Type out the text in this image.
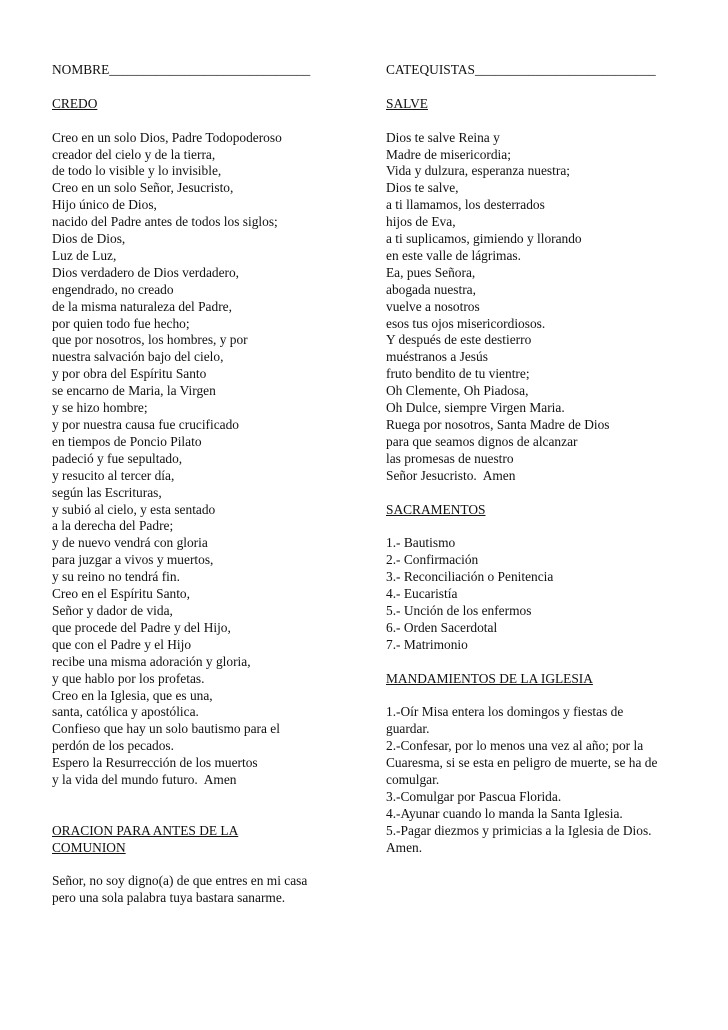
NOMBRE______________________________
CREDO
Creo en un solo Dios, Padre Todopoderoso
creador del cielo y de la tierra,
de todo lo visible y lo invisible,
Creo en un solo Señor, Jesucristo,
Hijo único de Dios,
nacido del Padre antes de todos los siglos;
Dios de Dios,
Luz de Luz,
Dios verdadero de Dios verdadero,
engendrado, no creado
de la misma naturaleza del Padre,
por quien todo fue hecho;
que por nosotros, los hombres, y por
nuestra salvación bajo del cielo,
y por obra del Espíritu Santo
se encarno de Maria, la Virgen
y se hizo hombre;
y por nuestra causa fue crucificado
en tiempos de Poncio Pilato
padeció y fue sepultado,
y resucito al tercer día,
según las Escrituras,
y subió al cielo, y esta sentado
a la derecha del Padre;
y de nuevo vendrá con gloria
para juzgar a vivos y muertos,
y su reino no tendrá fin.
Creo en el Espíritu Santo,
Señor y dador de vida,
que procede del Padre y del Hijo,
que con el Padre y el Hijo
recibe una misma adoración y gloria,
y que hablo por los profetas.
Creo en la Iglesia, que es una,
santa, católica y apostólica.
Confieso que hay un solo bautismo para el
perdón de los pecados.
Espero la Resurrección de los muertos
y la vida del mundo futuro.  Amen
ORACION PARA ANTES DE LA
COMUNION
Señor, no soy digno(a) de que entres en mi casa
pero una sola palabra tuya bastara sanarme.
CATEQUISTAS___________________________
SALVE
Dios te salve Reina y
Madre de misericordia;
Vida y dulzura, esperanza nuestra;
Dios te salve,
a ti llamamos, los desterrados
hijos de Eva,
a ti suplicamos, gimiendo y llorando
en este valle de lágrimas.
Ea, pues Señora,
abogada nuestra,
vuelve a nosotros
esos tus ojos misericordiosos.
Y después de este destierro
muéstranos a Jesús
fruto bendito de tu vientre;
Oh Clemente, Oh Piadosa,
Oh Dulce, siempre Virgen Maria.
Ruega por nosotros, Santa Madre de Dios
para que seamos dignos de alcanzar
las promesas de nuestro
Señor Jesucristo.  Amen
SACRAMENTOS
1.- Bautismo
2.- Confirmación
3.- Reconciliación o Penitencia
4.- Eucaristía
5.- Unción de los enfermos
6.- Orden Sacerdotal
7.- Matrimonio
MANDAMIENTOS DE LA IGLESIA
1.-Oír Misa entera los domingos y fiestas de
guardar.
2.-Confesar, por lo menos una vez al año; por la
Cuaresma, si se esta en peligro de muerte, se ha de
comulgar.
3.-Comulgar por Pascua Florida.
4.-Ayunar cuando lo manda la Santa Iglesia.
5.-Pagar diezmos y primicias a la Iglesia de Dios.
Amen.
